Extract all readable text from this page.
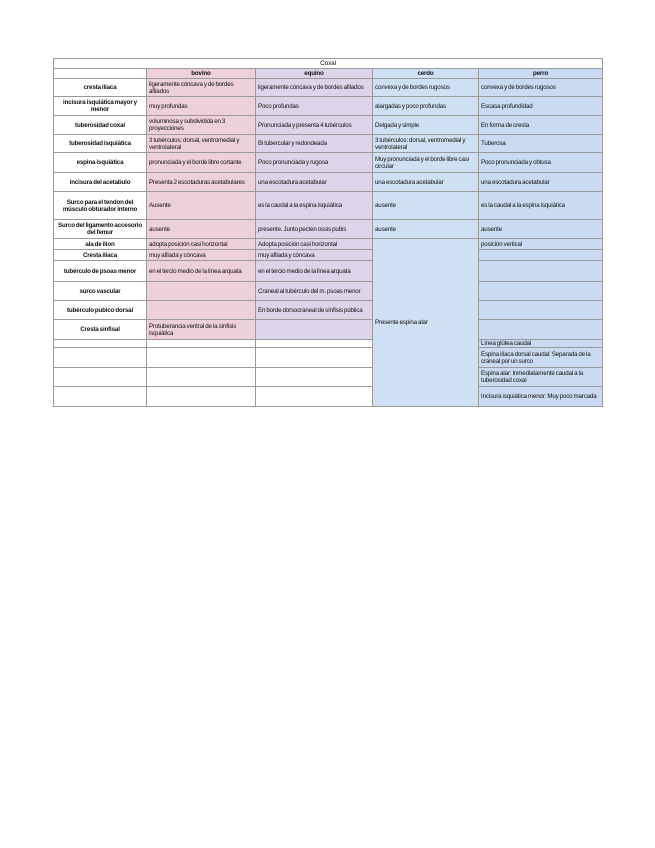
Coxal				
	bovino	equino	cerdo	perro
cresta ilíaca	ligeramente cóncava y de bordes afilados	ligeramente cóncava y de bordes afilados	convexa y de bordes rugosos	convexa y de bordes rugosos
incisura isquiática mayor y menor	muy profundas	Poco profundas	alargadas y poco profundas	Escasa profundidad
tuberosidad coxal	voluminosa y subdividida en 3 proyecciones	Pronunciada y presenta 4 tubérculos	Delgada y simple	En forma de cresta
tuberosidad isquiática	3 tubérculos: dorsal, ventromedial y ventrolateral	Bi tubercular y redondeada	3 tubérculos: dorsal, ventromedial y ventrolateral	Tuberosa
espina isquiática	pronunciada y el borde libre cortante	Poco pronunciada y rugosa	Muy pronunciada y el borde libre casi circular	Poco pronunciada y obtusa
incisura del acetabulo	Presenta 2 escotaduras acetabulares	una escotadura acetabular	una escotadura acetabular	una escotadura acetabular
Surco para el tendon del músculo obturador interno	Ausente	es la caudal a la espina isquiática	ausente	es la caudal a la espina isquiática
Surco del ligamento accesorio del femur	ausente	presente. Junto pecten ossis pubis	ausente	ausente
ala de ilion	adopta posición casi horizontal	Adopta posición casi horizontal	Presente espina alar	posición vertical
Cresta iliaca	muy afilada y cóncava	muy afilada y cóncava		
tubérculo de psoas menor	en el tercio medio de la línea arquata	en el tercio medio de la línea arquata		
surco vascular		Craneal al tubérculo del m. psoas menor		
tubérculo pubico dorsal		En borde dorsocraneal de sínfisis pública		
Cresta sinfisal	Protuberancia ventral de la sínfisis isquiática			
				Línea glútea caudal
				Espina ilíaca dorsal caudal: Separada de la craneal por un surco
				Espina alar: Inmediatamente caudal a la tuberosidad coxal
				Incisura isquiática menor: Muy poco marcada
